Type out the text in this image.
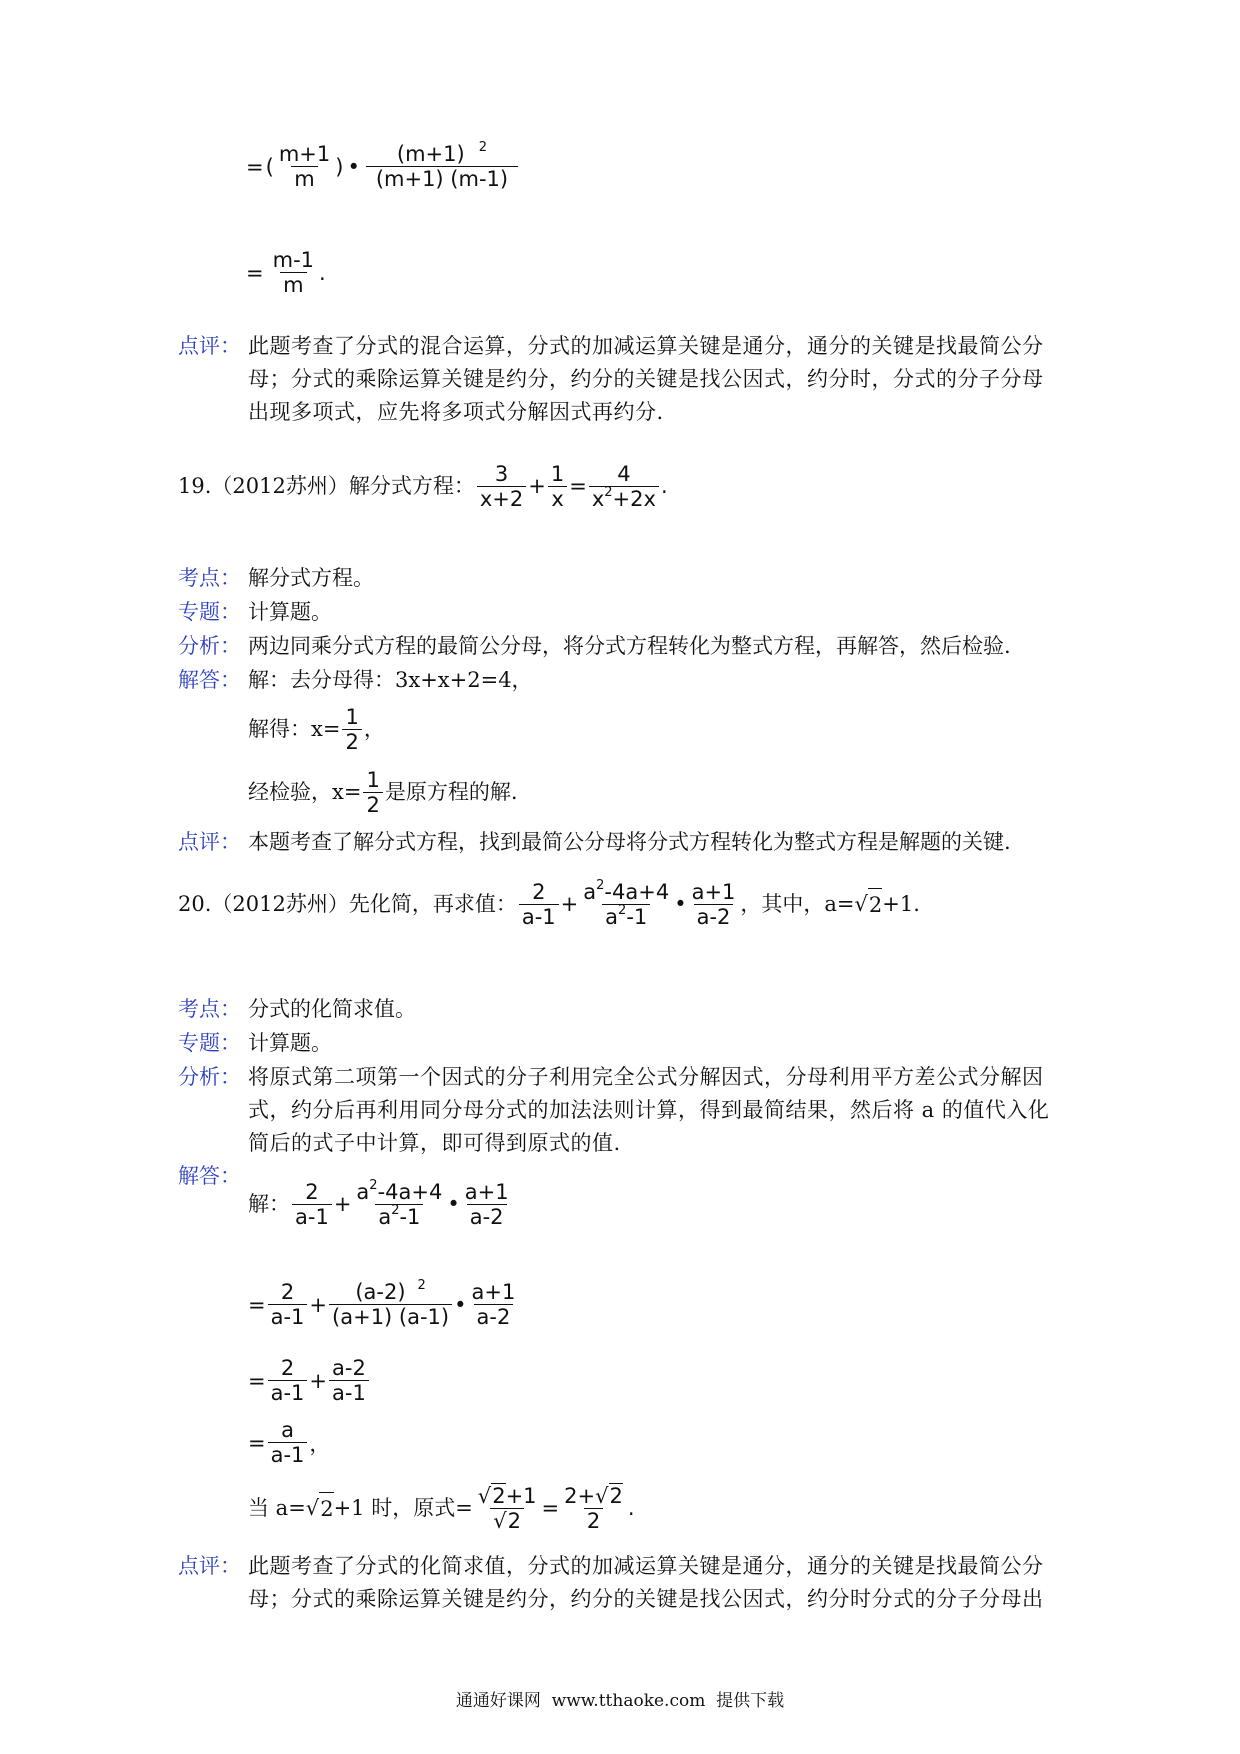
= ( $\frac{m+1}{m}$ ) • $\frac{(m+1) ^2}{(m+1) (m-1)}$
= $\frac{m-1}{m}$ .
点评： 此题考查了分式的混合运算，分式的加减运算关键是通分，通分的关键是找最简公分
母；分式的乘除运算关键是约分，约分的关键是找公因式，约分时，分式的分子分母
出现多项式，应先将多项式分解因式再约分.
19.（2012苏州）解分式方程： $\frac{3}{x+2} + \frac{1}{x} = \frac{4}{x^2+2x}$ .
考点： 解分式方程。
专题： 计算题。
分析： 两边同乘分式方程的最简公分母，将分式方程转化为整式方程，再解答，然后检验.
解答： 解：去分母得：3x+x+2=4，
解得：$x= \frac{1}{2}$ ，
经检验，$x= \frac{1}{2}$ 是原方程的解.
点评： 本题考查了解分式方程，找到最简公分母将分式方程转化为整式方程是解题的关键.
20.（2012苏州）先化简，再求值： $\frac{2}{a-1} + \frac{a^2-4a+4}{a^2-1}$ • $\frac{a+1}{a-2}$ ，其中，a= √ 2 +1.
考点： 分式的化简求值。
专题： 计算题。
分析： 将原式第二项第一个因式的分子利用完全公式分解因式，分母利用平方差公式分解因
式，约分后再利用同分母分式的加法法则计算，得到最简结果，然后将 a 的值代入化
简后的式子中计算，即可得到原式的值.
解答：
解： $\frac{2}{a-1} + \frac{a^2-4a+4}{a^2-1}$ • $\frac{a+1}{a-2}$
= $\frac{2}{a-1} + \frac{(a-2) ^2}{(a+1) (a-1)}$ • $\frac{a+1}{a-2}$
= $\frac{2}{a-1} + \frac{a-2}{a-1}$
= $\frac{a}{a-1}$ ，
当 a= √ 2 +1 时，原式= $\frac{√2+1}{√2} = \frac{2+√2}{2}$ .
点评： 此题考查了分式的化简求值，分式的加减运算关键是通分，通分的关键是找最简公分
母；分式的乘除运算关键是约分，约分的关键是找公因式，约分时分式的分子分母出
通通好课网  www.tthaoke.com  提供下载
